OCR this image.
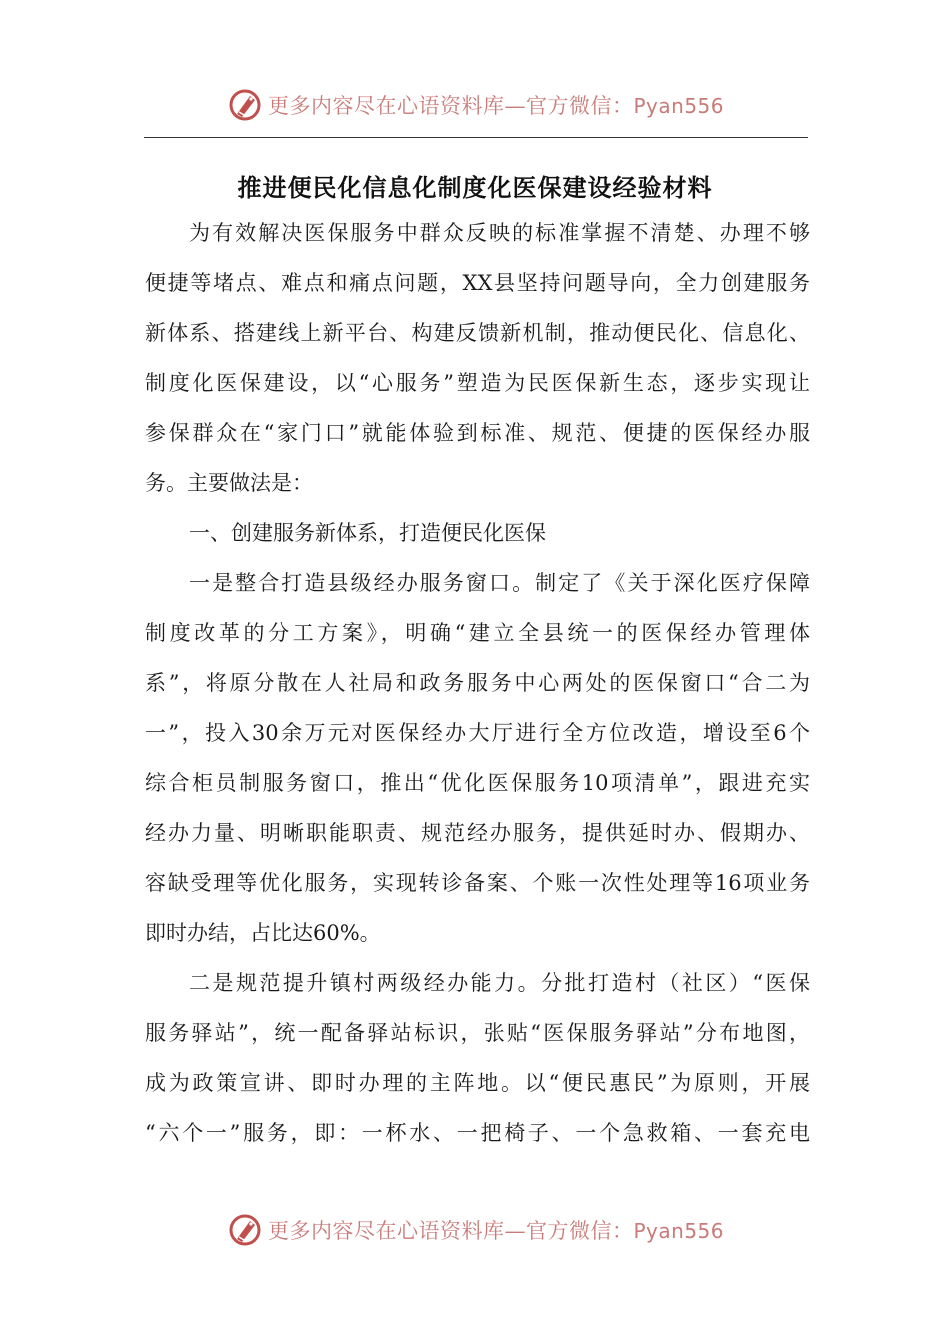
更多内容尽在心语资料库—官方微信：Pyan556
推进便民化信息化制度化医保建设经验材料
为有效解决医保服务中群众反映的标准掌握不清楚、办理不够
便捷等堵点、难点和痛点问题，XX县坚持问题导向，全力创建服务
新体系、搭建线上新平台、构建反馈新机制，推动便民化、信息化、
制度化医保建设，以“心服务”塑造为民医保新生态，逐步实现让
参保群众在“家门口”就能体验到标准、规范、便捷的医保经办服
务。主要做法是：
一、创建服务新体系，打造便民化医保
一是整合打造县级经办服务窗口。制定了《关于深化医疗保障
制度改革的分工方案》，明确“建立全县统一的医保经办管理体
系”，将原分散在人社局和政务服务中心两处的医保窗口“合二为
一”，投入30余万元对医保经办大厅进行全方位改造，增设至6个
综合柜员制服务窗口，推出“优化医保服务10项清单”，跟进充实
经办力量、明晰职能职责、规范经办服务，提供延时办、假期办、
容缺受理等优化服务，实现转诊备案、个账一次性处理等16项业务
即时办结，占比达60%。
二是规范提升镇村两级经办能力。分批打造村（社区）“医保
服务驿站”，统一配备驿站标识，张贴“医保服务驿站”分布地图，
成为政策宣讲、即时办理的主阵地。以“便民惠民”为原则，开展
“六个一”服务，即：一杯水、一把椅子、一个急救箱、一套充电
更多内容尽在心语资料库—官方微信：Pyan556
